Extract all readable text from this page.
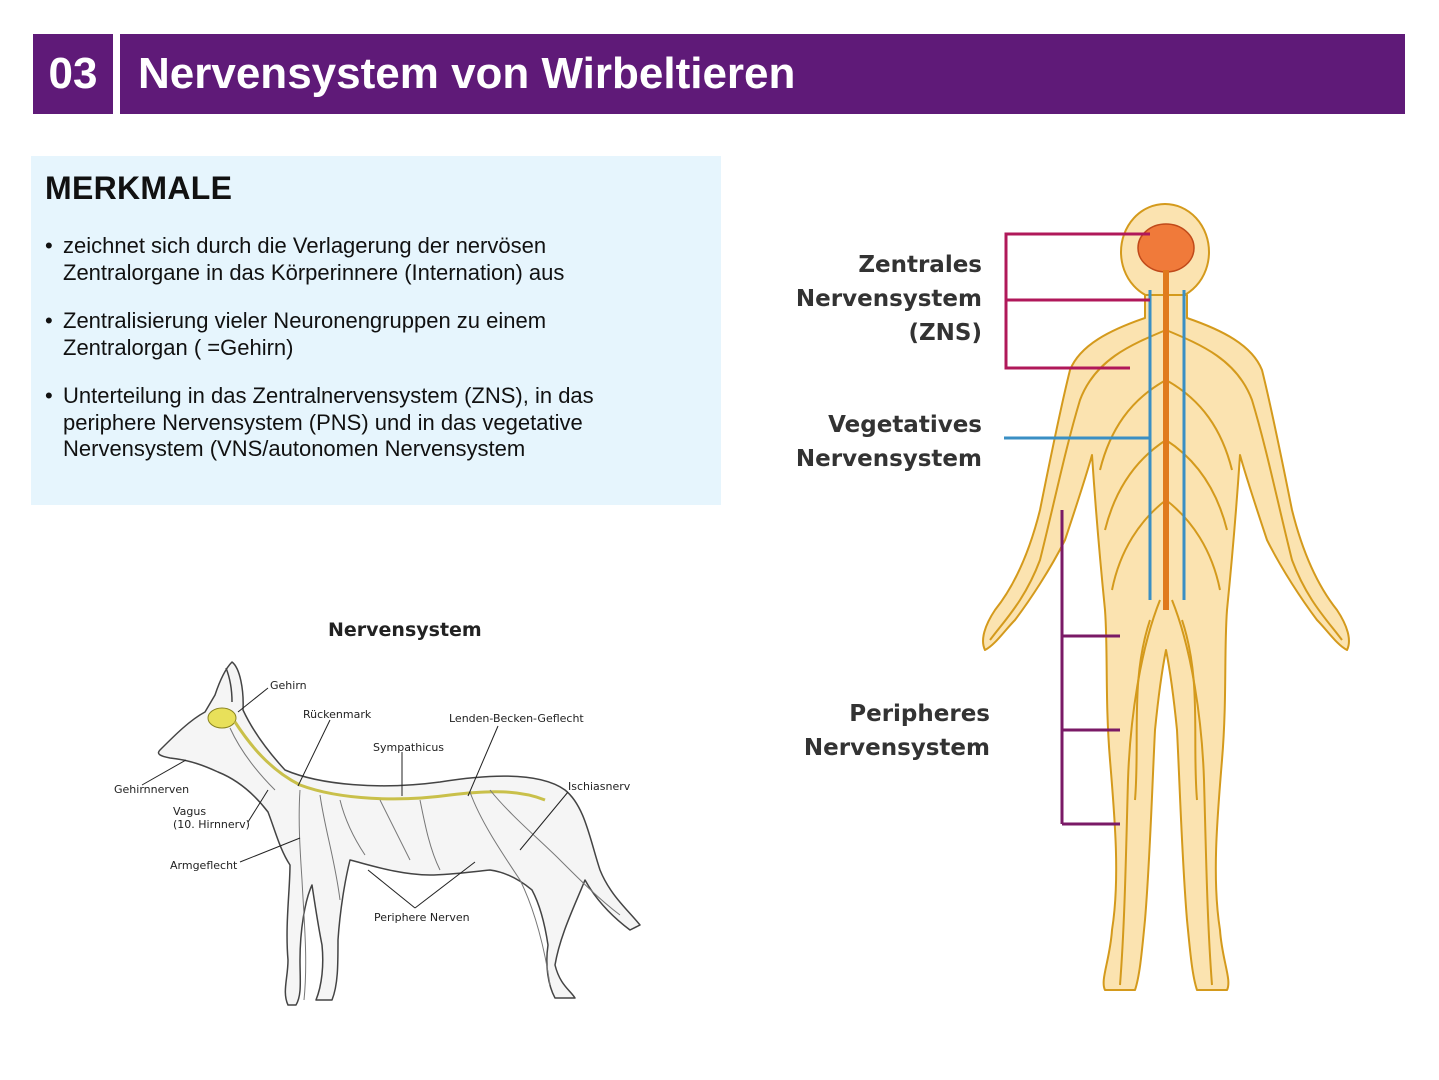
03 Nervensystem von Wirbeltieren
MERKMALE
• zeichnet sich durch die Verlagerung der nervösen
Zentralorgane in das Körperinnere (Internation) aus
• Zentralisierung vieler Neuronengruppen zu einem
Zentralorgan ( =Gehirn)
• Unterteilung in das Zentralnervensystem (ZNS), in das
periphere Nervensystem (PNS) und in das vegetative
Nervensystem (VNS/autonomen Nervensystem
Nervensystem
Gehirn
Rückenmark	Lenden-Becken-Geflecht
Sympathicus
Ischiasnerv
Gehirnnerven
Vagus
(10. Hirnnerv)
Armgeflecht
Periphere Nerven
Zentrales
Nervensystem
(ZNS)
Vegetatives
Nervensystem
Peripheres
Nervensystem
